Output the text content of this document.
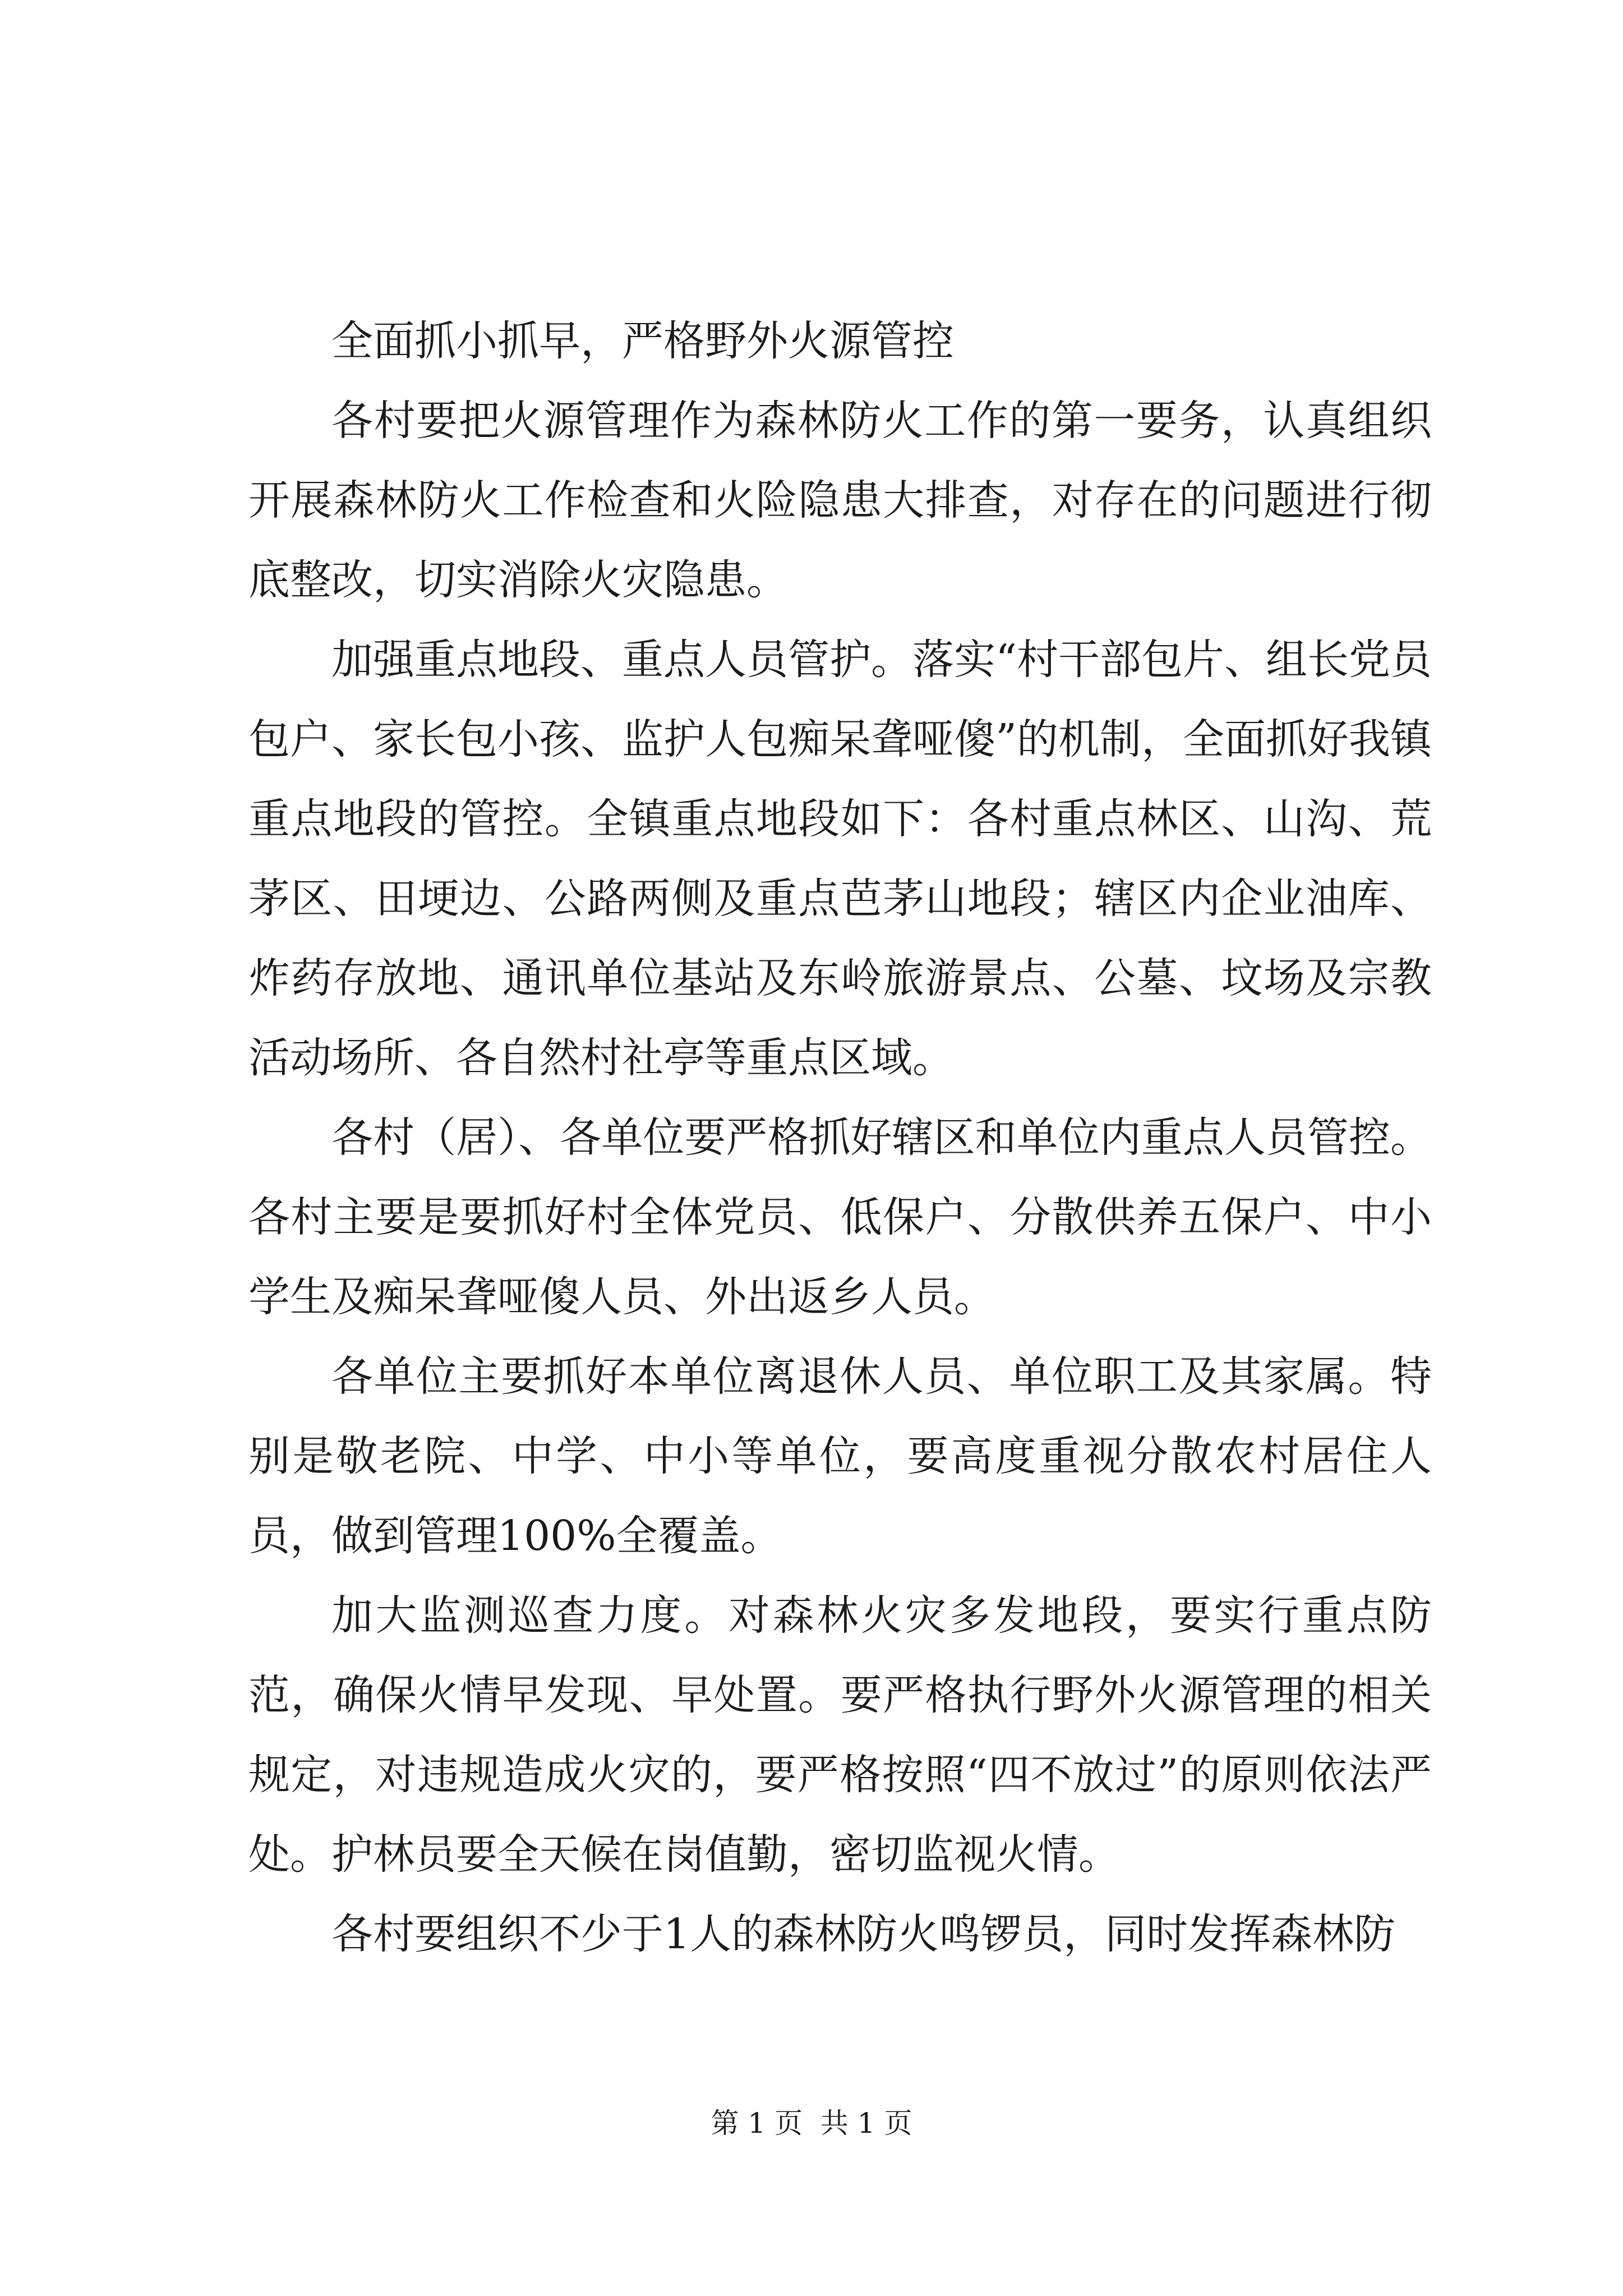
全面抓小抓早，严格野外火源管控

各村要把火源管理作为森林防火工作的第一要务，认真组织开展森林防火工作检查和火险隐患大排查，对存在的问题进行彻底整改，切实消除火灾隐患。

加强重点地段、重点人员管护。落实“村干部包片、组长党员包户、家长包小孩、监护人包痴呆聋哑傻”的机制，全面抓好我镇重点地段的管控。全镇重点地段如下：各村重点林区、山沟、荒茅区、田埂边、公路两侧及重点芭茅山地段；辖区内企业油库、炸药存放地、通讯单位基站及东岭旅游景点、公墓、坟场及宗教活动场所、各自然村社亭等重点区域。

各村（居）、各单位要严格抓好辖区和单位内重点人员管控。各村主要是要抓好村全体党员、低保户、分散供养五保户、中小学生及痴呆聋哑傻人员、外出返乡人员。

各单位主要抓好本单位离退休人员、单位职工及其家属。特别是敬老院、中学、中小等单位，要高度重视分散农村居住人员，做到管理100%全覆盖。

加大监测巡查力度。对森林火灾多发地段，要实行重点防范，确保火情早发现、早处置。要严格执行野外火源管理的相关规定，对违规造成火灾的，要严格按照“四不放过”的原则依法严处。护林员要全天候在岗值勤，密切监视火情。

各村要组织不少于1人的森林防火鸣锣员，同时发挥森林防

第 1 页  共 1 页
